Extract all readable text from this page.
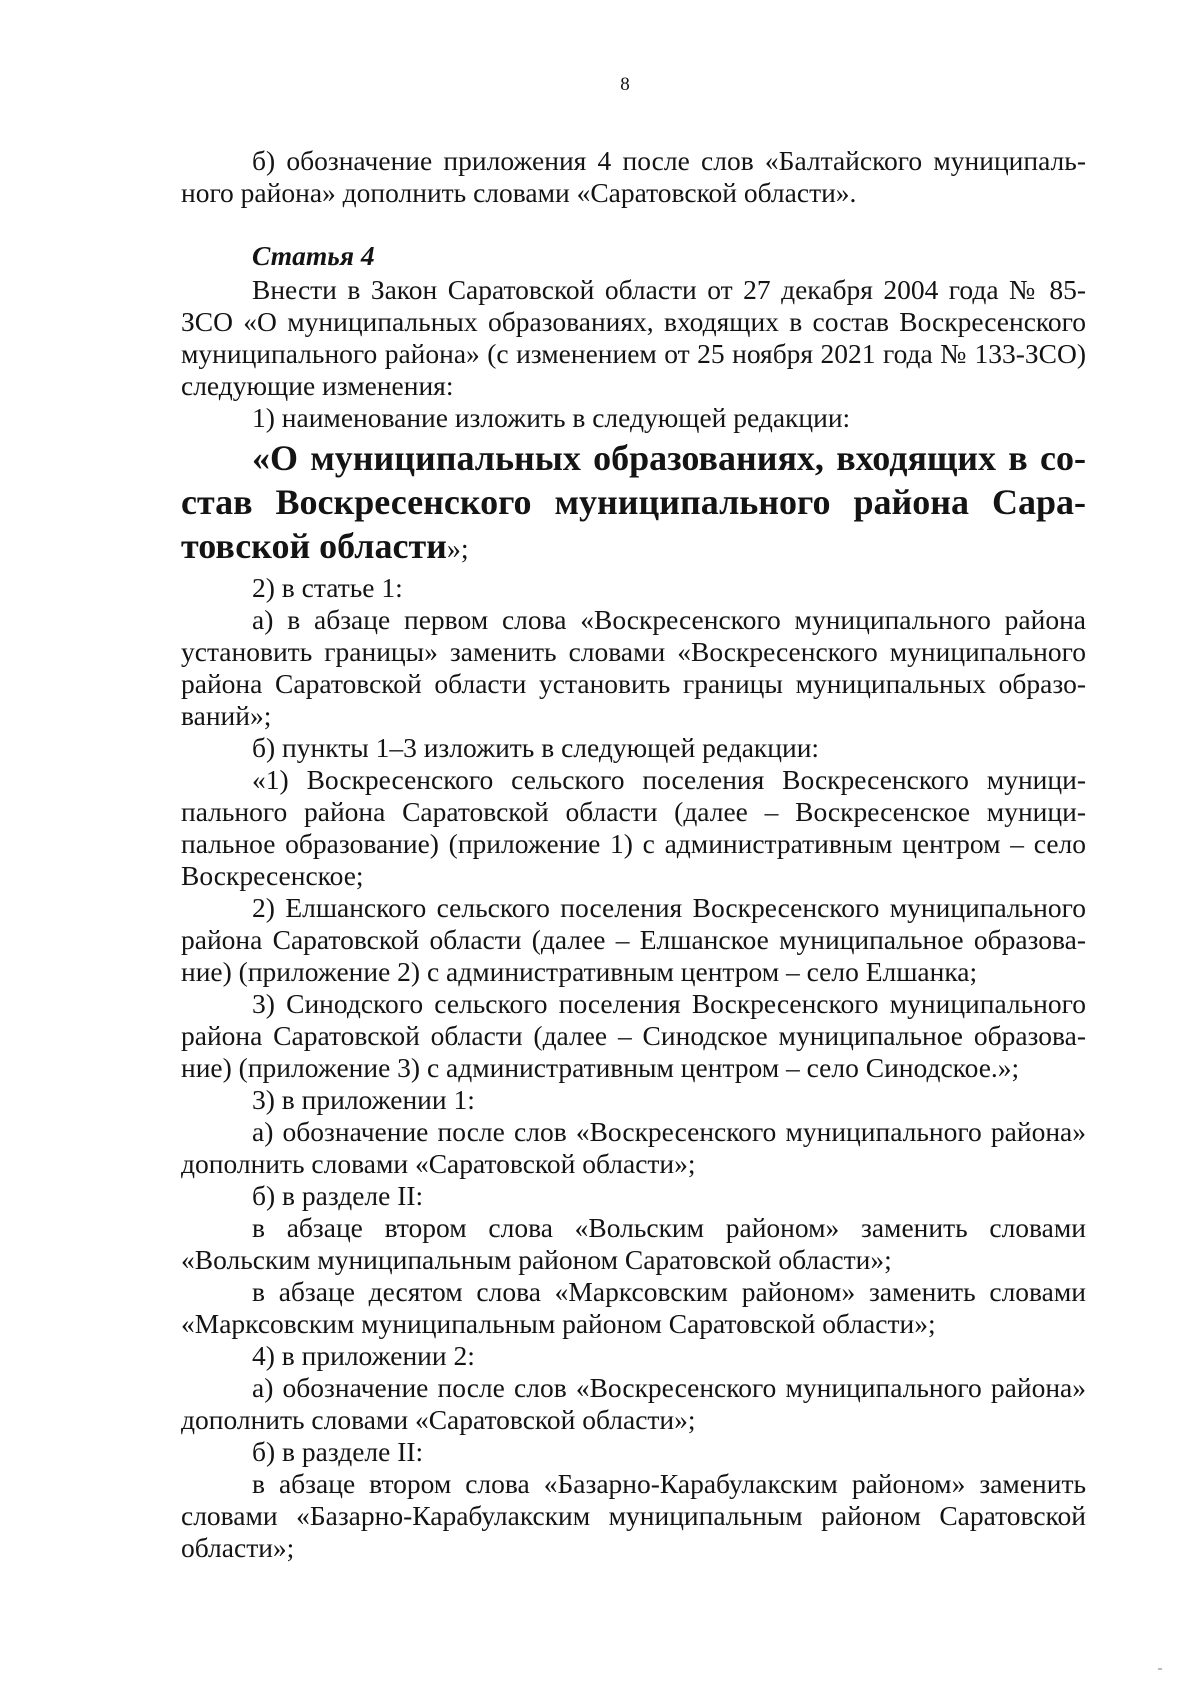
8

б) обозначение приложения 4 после слов «Балтайского муниципального района» дополнить словами «Саратовской области».

Статья 4

Внести в Закон Саратовской области от 27 декабря 2004 года № 85-ЗСО «О муниципальных образованиях, входящих в состав Воскресенского муниципального района» (с изменением от 25 ноября 2021 года № 133-ЗСО) следующие изменения:

1) наименование изложить в следующей редакции:

«О муниципальных образованиях, входящих в состав Воскресенского муниципального района Саратовской области»;

2) в статье 1:

а) в абзаце первом слова «Воскресенского муниципального района установить границы» заменить словами «Воскресенского муниципального района Саратовской области установить границы муниципальных образований»;

б) пункты 1–3 изложить в следующей редакции:

«1) Воскресенского сельского поселения Воскресенского муниципального района Саратовской области (далее – Воскресенское муниципальное образование) (приложение 1) с административным центром – село Воскресенское;

2) Елшанского сельского поселения Воскресенского муниципального района Саратовской области (далее – Елшанское муниципальное образование) (приложение 2) с административным центром – село Елшанка;

3) Синодского сельского поселения Воскресенского муниципального района Саратовской области (далее – Синодское муниципальное образование) (приложение 3) с административным центром – село Синодское.»;

3) в приложении 1:

а) обозначение после слов «Воскресенского муниципального района» дополнить словами «Саратовской области»;

б) в разделе II:

в абзаце втором слова «Вольским районом» заменить словами «Вольским муниципальным районом Саратовской области»;

в абзаце десятом слова «Марксовским районом» заменить словами «Марксовским муниципальным районом Саратовской области»;

4) в приложении 2:

а) обозначение после слов «Воскресенского муниципального района» дополнить словами «Саратовской области»;

б) в разделе II:

в абзаце втором слова «Базарно-Карабулакским районом» заменить словами «Базарно-Карабулакским муниципальным районом Саратовской области»;
